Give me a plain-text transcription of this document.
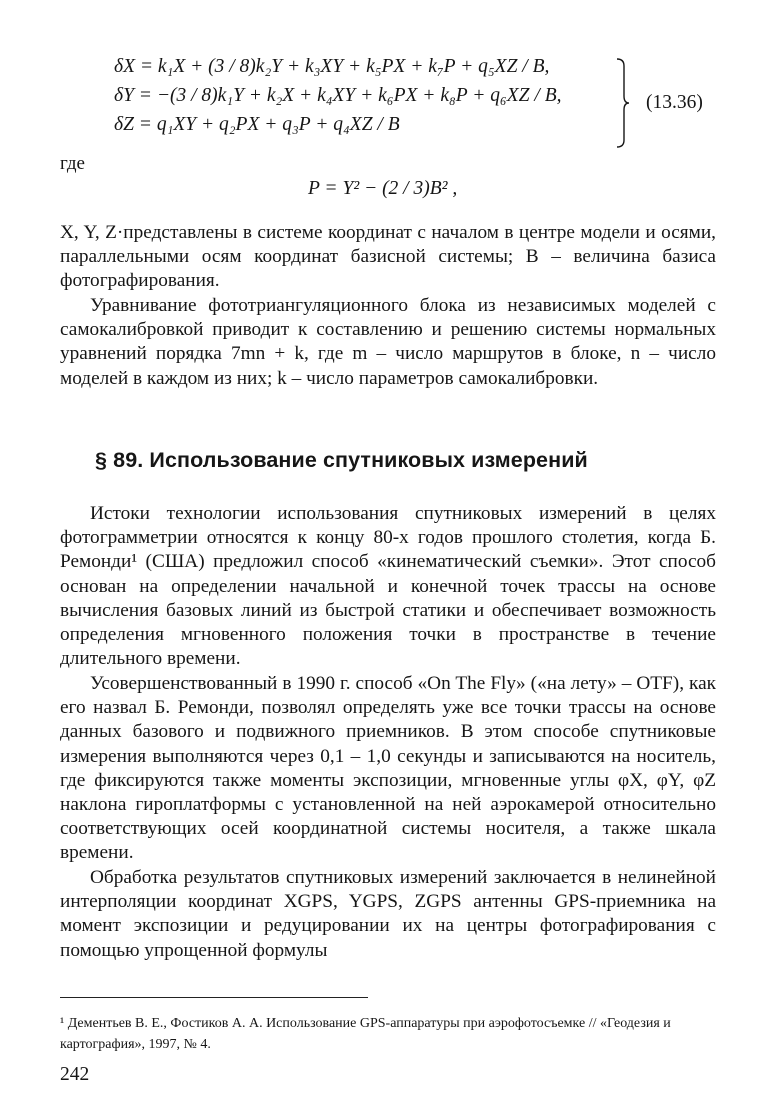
δX = k₁X + (3 / 8)k₂Y + k₃XY + k₅PX + k₇P + q₅XZ / B,
δY = −(3 / 8)k₁Y + k₂X + k₄XY + k₆PX + k₈P + q₆XZ / B,
δZ = q₁XY + q₂PX + q₃P + q₄XZ / B
(13.36)
где
P = Y² − (2 / 3)B² ,
X, Y, Z·представлены в системе координат с началом в центре модели и осями, параллельными осям координат базисной системы; B – величина базиса фотографирования.
Уравнивание фототриангуляционного блока из независимых моделей с самокалибровкой приводит к составлению и решению системы нормальных уравнений порядка 7mn + k, где m – число маршрутов в блоке, n – число моделей в каждом из них; k – число параметров самокалибровки.
§ 89. Использование спутниковых измерений
Истоки технологии использования спутниковых измерений в целях фотограмметрии относятся к концу 80-х годов прошлого столетия, когда Б. Ремонди¹ (США) предложил способ «кинематический съемки». Этот способ основан на определении начальной и конечной точек трассы на основе вычисления базовых линий из быстрой статики и обеспечивает возможность определения мгновенного положения точки в пространстве в течение длительного времени.
Усовершенствованный в 1990 г. способ «On The Fly» («на лету» – OTF), как его назвал Б. Ремонди, позволял определять уже все точки трассы на основе данных базового и подвижного приемников. В этом способе спутниковые измерения выполняются через 0,1 – 1,0 секунды и записываются на носитель, где фиксируются также моменты экспозиции, мгновенные углы φX, φY, φZ наклона гироплатформы с установленной на ней аэрокамерой относительно соответствующих осей координатной системы носителя, а также шкала времени.
Обработка результатов спутниковых измерений заключается в нелинейной интерполяции координат XGPS, YGPS, ZGPS антенны GPS-приемника на момент экспозиции и редуцировании их на центры фотографирования с помощью упрощенной формулы
¹ Дементьев В. Е., Фостиков А. А. Использование GPS-аппаратуры при аэрофотосъемке // «Геодезия и картография», 1997, № 4.
242
